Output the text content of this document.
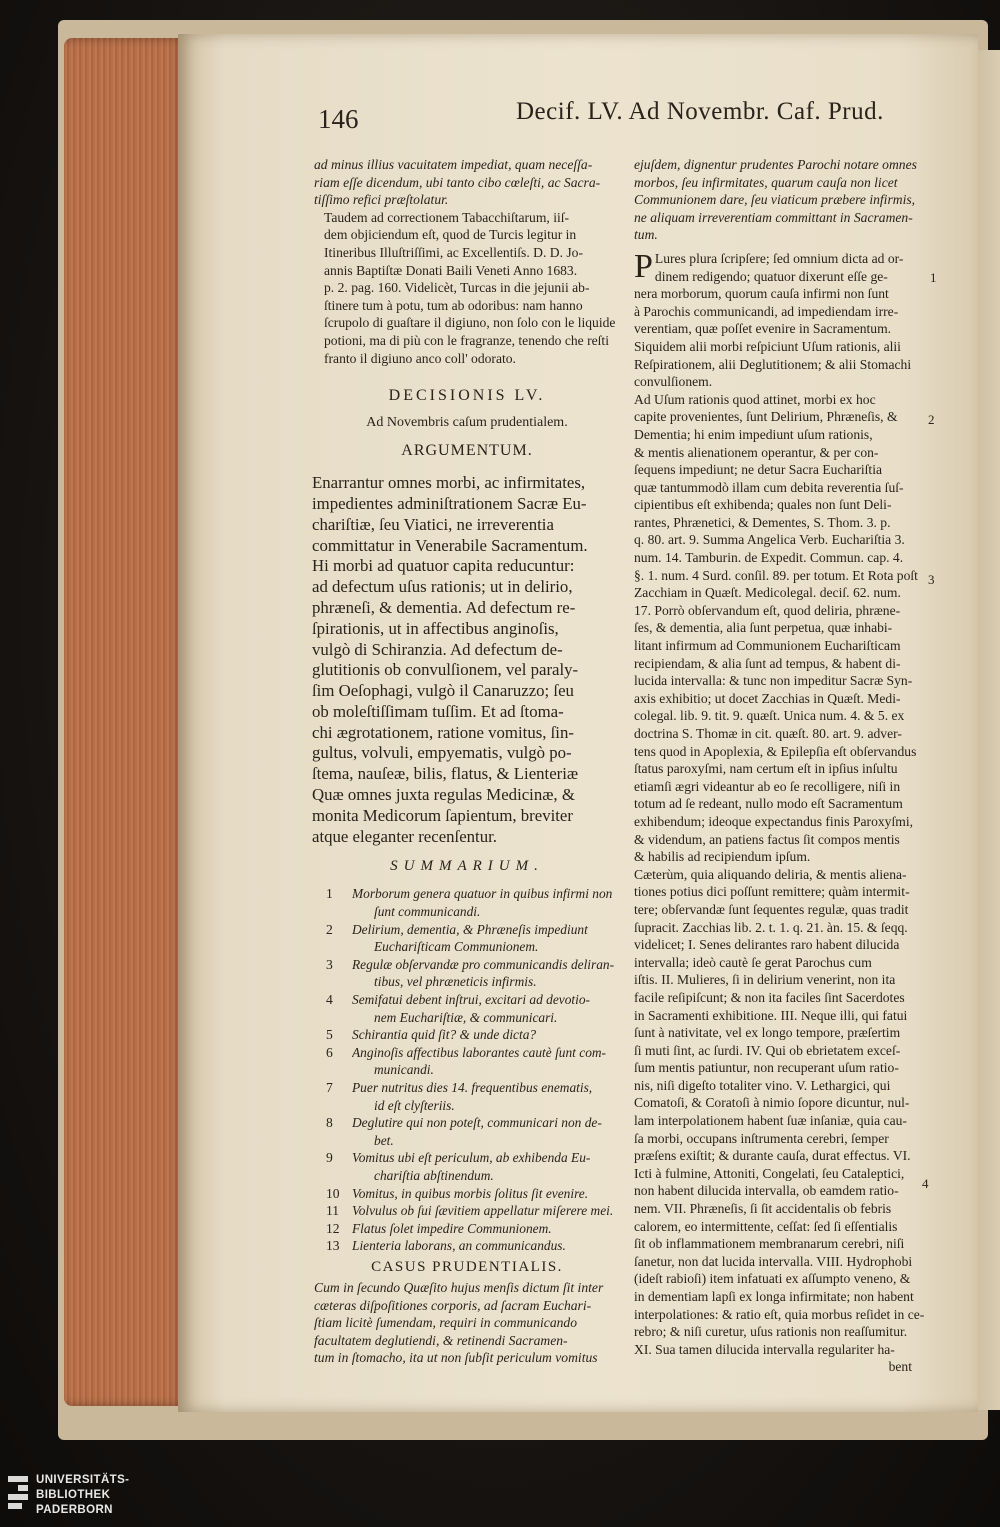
146	Decif. LV. Ad Novembr. Caf. Prud.
ad minus illius vacuitatem impediat, quam neceſſa-
riam eſſe dicendum, ubi tanto cibo cœleſti, ac Sacra-
tiſſimo refici præſtolatur.
Taudem ad correctionem Tabacchiſtarum, iiſ-
dem objiciendum eſt, quod de Turcis legitur in
Itineribus Illuſtriſſimi, ac Excellentiſs. D. D. Jo-
annis Baptiſtæ Donati Baili Veneti Anno 1683.
p. 2. pag. 160. Videlicèt, Turcas in die jejunii ab-
ſtinere tum à potu, tum ab odoribus: nam hanno
ſcrupolo di guaſtare il digiuno, non ſolo con le liquide
potioni, ma di più con le fragranze, tenendo che reſti
franto il digiuno anco coll' odorato.
DECISIONIS LV.
Ad Novembris caſum prudentialem.
ARGUMENTUM.
Enarrantur omnes morbi, ac infirmitates,
impedientes adminiſtrationem Sacræ Eu-
chariſtiæ, ſeu Viatici, ne irreverentia
committatur in Venerabile Sacramentum.
Hi morbi ad quatuor capita reducuntur:
ad defectum uſus rationis; ut in delirio,
phræneſi, & dementia. Ad defectum re-
ſpirationis, ut in affectibus anginoſis,
vulgò di Schiranzia. Ad defectum de-
glutitionis ob convulſionem, vel paraly-
ſim Oeſophagi, vulgò il Canaruzzo; ſeu
ob moleſtiſſimam tuſſim. Et ad ſtoma-
chi ægrotationem, ratione vomitus, ſin-
gultus, volvuli, empyematis, vulgò po-
ſtema, nauſeæ, bilis, flatus, & Lienteriæ
Quæ omnes juxta regulas Medicinæ, &
monita Medicorum ſapientum, breviter
atque eleganter recenſentur.
SUMMARIUM.
1	Morborum genera quatuor in quibus infirmi non
ſunt communicandi.
2	Delirium, dementia, & Phræneſis impediunt
Euchariſticam Communionem.
3	Regulæ obſervandæ pro communicandis deliran-
tibus, vel phræneticis infirmis.
4	Semifatui debent inſtrui, excitari ad devotio-
nem Euchariſtiæ, & communicari.
5	Schirantia quid ſit? & unde dicta?
6	Anginoſis affectibus laborantes cautè ſunt com-
municandi.
7	Puer nutritus dies 14. frequentibus enematis,
id eſt clyſteriis.
8	Deglutire qui non poteſt, communicari non de-
bet.
9	Vomitus ubi eſt periculum, ab exhibenda Eu-
chariſtia abſtinendum.
10 Vomitus, in quibus morbis ſolitus ſit evenire.
11 Volvulus ob ſui ſævitiem appellatur miſerere mei.
12 Flatus ſolet impedire Communionem.
13 Lienteria laborans, an communicandus.
CASUS PRUDENTIALIS.
Cum in ſecundo Quæſito hujus menſis dictum ſit inter
cæteras diſpoſitiones corporis, ad ſacram Euchari-
ſtiam licitè ſumendam, requiri in communicando
facultatem deglutiendi, & retinendi Sacramen-
tum in ſtomacho, ita ut non ſubſit periculum vomitus
ejuſdem, dignentur prudentes Parochi notare omnes
morbos, ſeu infirmitates, quarum cauſa non licet
Communionem dare, ſeu viaticum præbere infirmis,
ne aliquam irreverentiam committant in Sacramen-
tum.
P Lures plura ſcripſere; ſed omnium dicta ad or-
dinem redigendo; quatuor dixerunt eſſe ge-
nera morborum, quorum cauſa infirmi non ſunt
à Parochis communicandi, ad impediendam irre-
verentiam, quæ poſſet evenire in Sacramentum.
Siquidem alii morbi reſpiciunt Uſum rationis, alii
Reſpirationem, alii Deglutitionem; & alii Stomachi
convulſionem.
Ad Uſum rationis quod attinet, morbi ex hoc
capite provenientes, ſunt Delirium, Phræneſis, &
Dementia; hi enim impediunt uſum rationis,
& mentis alienationem operantur, & per con-
ſequens impediunt; ne detur Sacra Euchariſtia
quæ tantummodò illam cum debita reverentia ſuſ-
cipientibus eſt exhibenda; quales non ſunt Deli-
rantes, Phrænetici, & Dementes, S. Thom. 3. p.
q. 80. art. 9. Summa Angelica Verb. Euchariſtia 3.
num. 14. Tamburin. de Expedit. Commun. cap. 4.
§. 1. num. 4 Surd. conſil. 89. per totum. Et Rota poſt
Zacchiam in Quæſt. Medicolegal. deciſ. 62. num.
17. Porrò obſervandum eſt, quod deliria, phræne-
ſes, & dementia, alia ſunt perpetua, quæ inhabi-
litant infirmum ad Communionem Euchariſticam
recipiendam, & alia ſunt ad tempus, & habent di-
lucida intervalla: & tunc non impeditur Sacræ Syn-
axis exhibitio; ut docet Zacchias in Quæſt. Medi-
colegal. lib. 9. tit. 9. quæſt. Unica num. 4. & 5. ex
doctrina S. Thomæ in cit. quæſt. 80. art. 9. adver-
tens quod in Apoplexia, & Epilepſia eſt obſervandus
ſtatus paroxyſmi, nam certum eſt in ipſius inſultu
etiamſi ægri videantur ab eo ſe recolligere, niſi in
totum ad ſe redeant, nullo modo eſt Sacramentum
exhibendum; ideoque expectandus finis Paroxyſmi,
& videndum, an patiens factus ſit compos mentis
& habilis ad recipiendum ipſum.
Cæterùm, quia aliquando deliria, & mentis aliena-
tiones potius dici poſſunt remittere; quàm intermit-
tere; obſervandæ ſunt ſequentes regulæ, quas tradit
ſupracit. Zacchias lib. 2. t. 1. q. 21. àn. 15. & ſeqq.
videlicet; I. Senes delirantes raro habent dilucida
intervalla; ideò cautè ſe gerat Parochus cum
iſtis. II. Mulieres, ſi in delirium venerint, non ita
facile reſipiſcunt; & non ita faciles ſint Sacerdotes
in Sacramenti exhibitione. III. Neque illi, qui fatui
ſunt à nativitate, vel ex longo tempore, præſertim
ſi muti ſint, ac ſurdi. IV. Qui ob ebrietatem exceſ-
ſum mentis patiuntur, non recuperant uſum ratio-
nis, niſi digeſto totaliter vino. V. Lethargici, qui
Comatoſi, & Coratoſi à nimio ſopore dicuntur, nul-
lam interpolationem habent ſuæ inſaniæ, quia cau-
ſa morbi, occupans inſtrumenta cerebri, ſemper
præſens exiſtit; & durante cauſa, durat effectus. VI.
Icti à fulmine, Attoniti, Congelati, ſeu Cataleptici,
non habent dilucida intervalla, ob eamdem ratio-
nem. VII. Phræneſis, ſi ſit accidentalis ob febris
calorem, eo intermittente, ceſſat: ſed ſi eſſentialis
ſit ob inflammationem membranarum cerebri, niſi
ſanetur, non dat lucida intervalla. VIII. Hydrophobi
(ideſt rabioſi) item infatuati ex aſſumpto veneno, &
in dementiam lapſi ex longa infirmitate; non habent
interpolationes: & ratio eſt, quia morbus reſidet in ce-
rebro; & niſi curetur, uſus rationis non reaſſumitur.
XI. Sua tamen dilucida intervalla regulariter ha-
bent
1
2
3
4
UNIVERSITÄTS-
BIBLIOTHEK
PADERBORN
